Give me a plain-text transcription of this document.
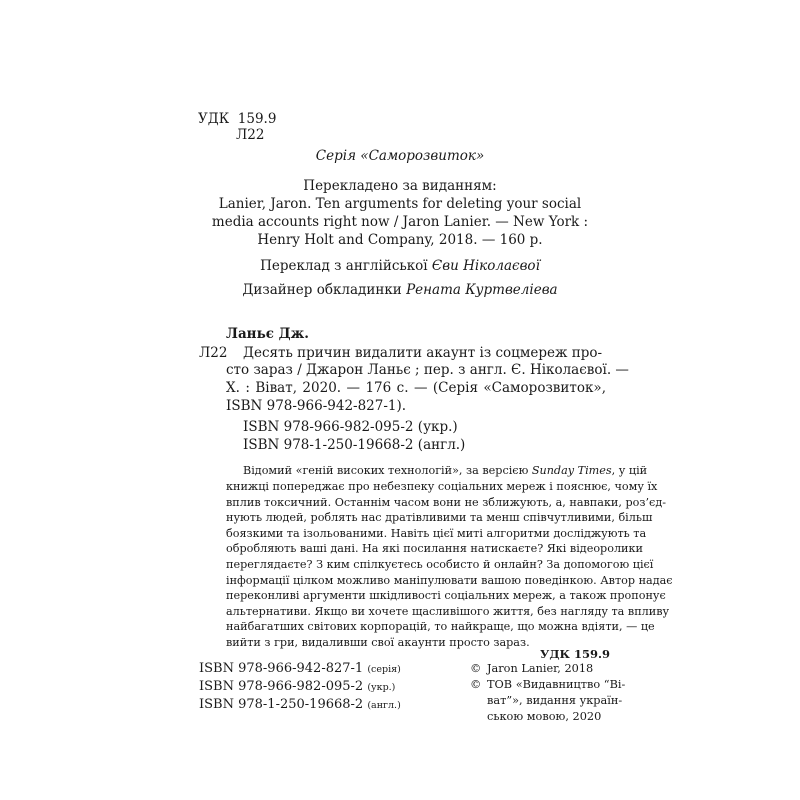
УДК 159.9
Л22
Серія «Саморозвиток»
Перекладено за виданням:
Lanier, Jaron. Ten arguments for deleting your social
media accounts right now / Jaron Lanier. — New York :
Henry Holt and Company, 2018. — 160 p.
Переклад з англійської Єви Ніколаєвої
Дизайнер обкладинки Рената Куртвеліева
Ланьє Дж.
Л22 Десять причин видалити акаунт із соцмереж про-
сто зараз / Джарон Ланьє ; пер. з англ. Є. Ніколаєвої. —
Х. : Віват, 2020. — 176 с. — (Серія «Саморозвиток»,
ISBN 978-966-942-827-1).
ISBN 978-966-982-095-2 (укр.)
ISBN 978-1-250-19668-2 (англ.)
Відомий «геній високих технологій», за версією Sunday Times, у цій
книжці попереджає про небезпеку соціальних мереж і пояснює, чому їх
вплив токсичний. Останнім часом вони не зближують, а, навпаки, роз’єд-
нують людей, роблять нас дратівливими та менш співчутливими, більш
боязкими та ізольованими. Навіть цієї миті алгоритми досліджують та
обробляють ваші дані. На які посилання натискаєте? Які відеоролики
переглядаєте? З ким спілкуєтесь особисто й онлайн? За допомогою цієї
інформації цілком можливо маніпулювати вашою поведінкою. Автор надає
переконливі аргументи шкідливості соціальних мереж, а також пропонує
альтернативи. Якщо ви хочете щасливішого життя, без нагляду та впливу
найбагатших світових корпорацій, то найкраще, що можна вдіяти, — це
вийти з гри, видаливши свої акаунти просто зараз.
УДК 159.9
ISBN 978-966-942-827-1 (серія)
ISBN 978-966-982-095-2 (укр.)
ISBN 978-1-250-19668-2 (англ.)
© Jaron Lanier, 2018
© ТОВ «Видавництво “Ві-
ват”», видання україн-
ською мовою, 2020
